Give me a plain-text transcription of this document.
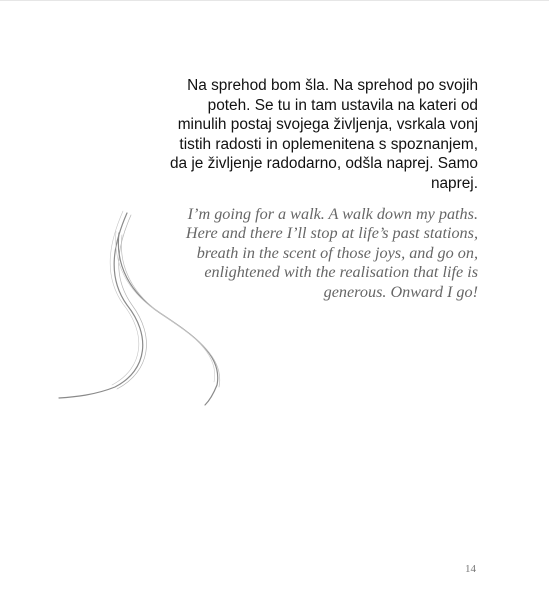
Na sprehod bom šla. Na sprehod po svojih
poteh. Se tu in tam ustavila na kateri od
minulih postaj svojega življenja, vsrkala vonj
tistih radosti in oplemenitena s spoznanjem,
da je življenje radodarno, odšla naprej. Samo
naprej.

I’m going for a walk. A walk down my paths.
Here and there I’ll stop at life’s past stations,
breath in the scent of those joys, and go on,
enlightened with the realisation that life is
generous. Onward I go!

14
